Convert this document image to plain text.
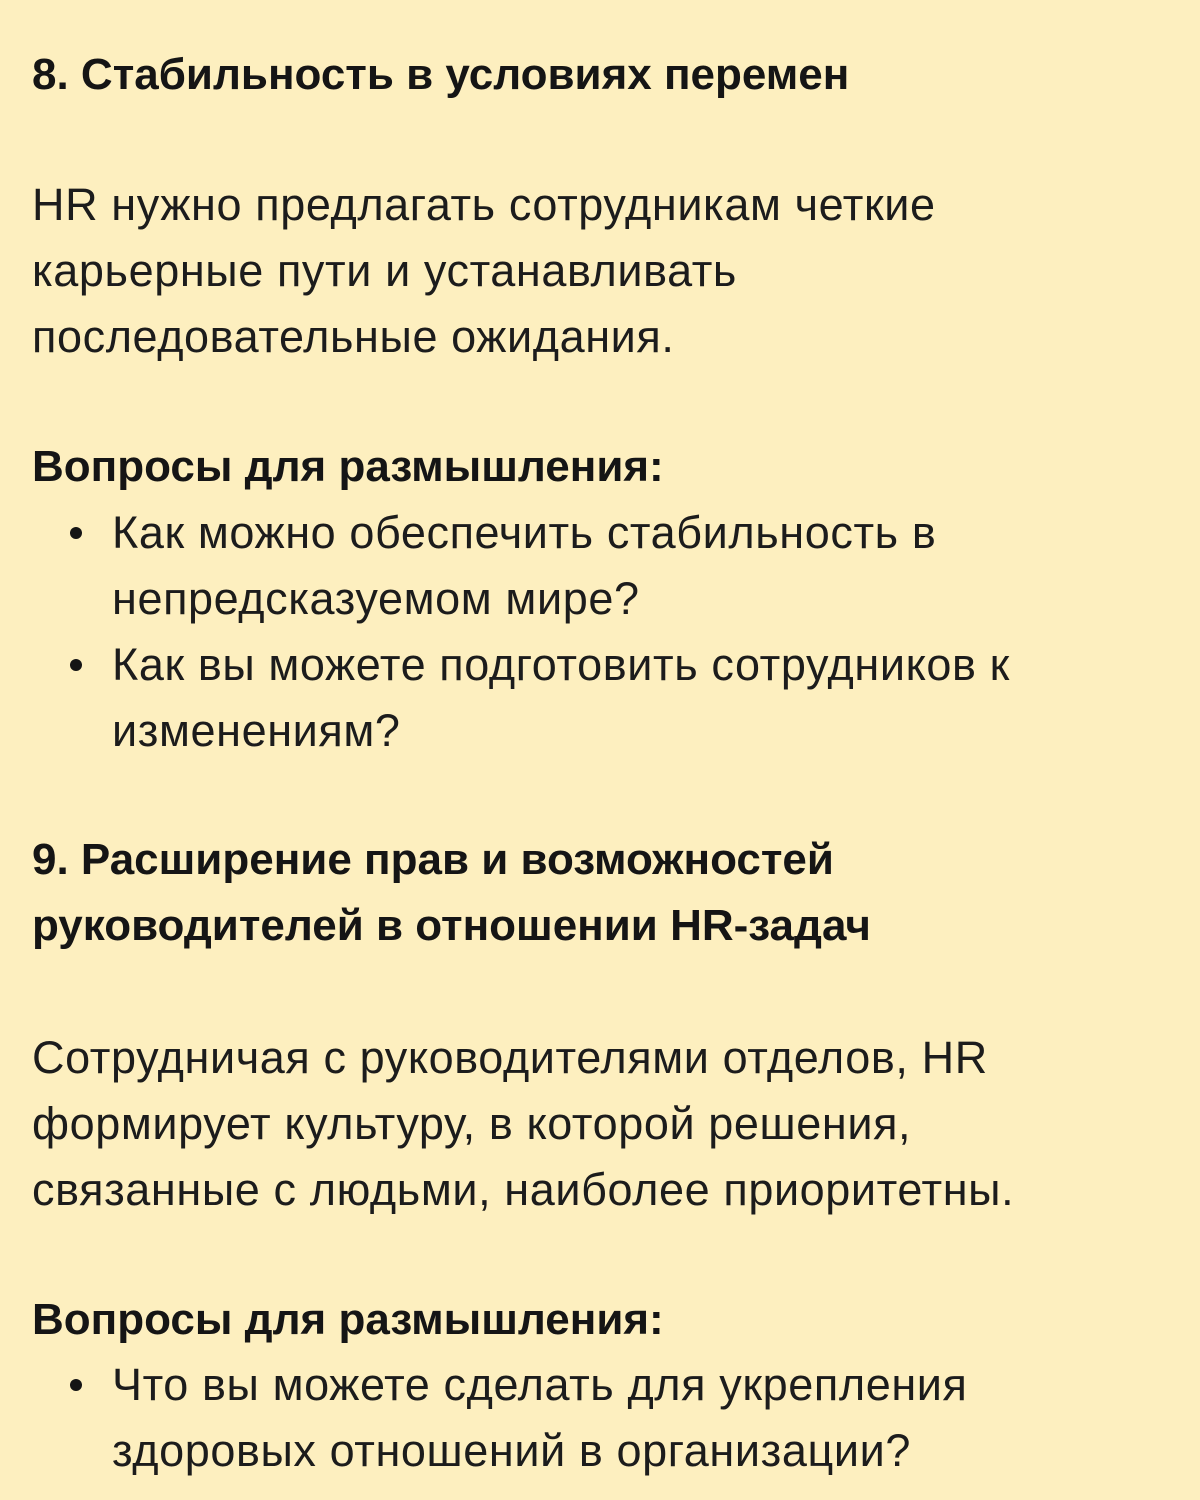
8. Стабильность в условиях перемен
HR нужно предлагать сотрудникам четкие
карьерные пути и устанавливать
последовательные ожидания.
Вопросы для размышления:
Как можно обеспечить стабильность в
непредсказуемом мире?
Как вы можете подготовить сотрудников к
изменениям?
9. Расширение прав и возможностей
руководителей в отношении HR-задач
Сотрудничая с руководителями отделов, HR
формирует культуру, в которой решения,
связанные с людьми, наиболее приоритетны.
Вопросы для размышления:
Что вы можете сделать для укрепления
здоровых отношений в организации?
